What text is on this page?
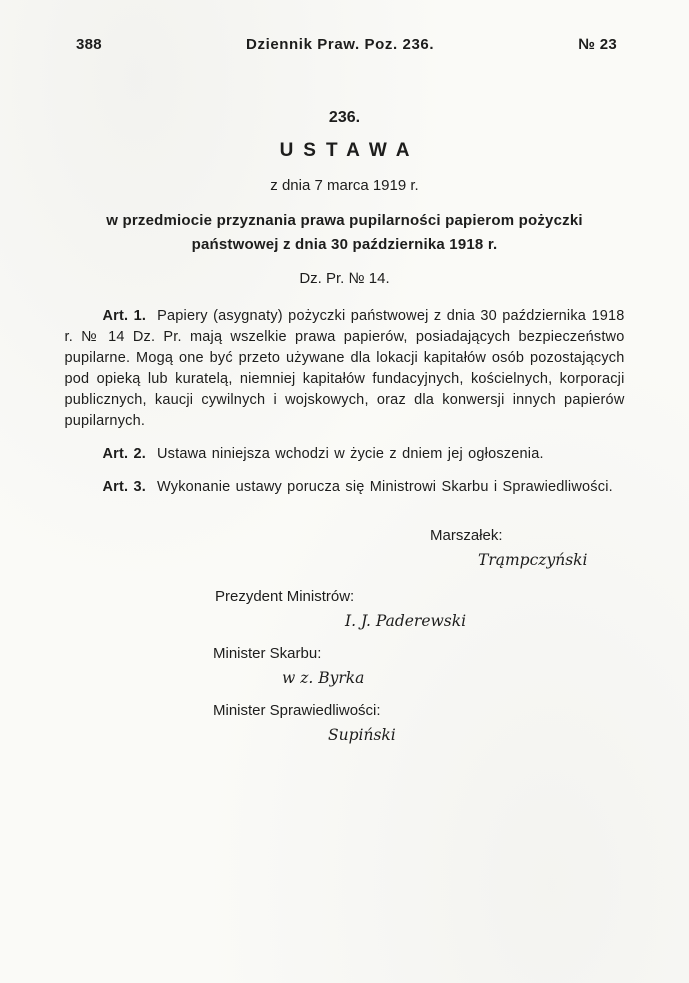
388	Dziennik Praw. Poz. 236.	№ 23
236.
USTAWA
z dnia 7 marca 1919 r.
w przedmiocie przyznania prawa pupilarności papierom pożyczki
państwowej z dnia 30 października 1918 r.
Dz. Pr. № 14.

Art. 1. Papiery (asygnaty) pożyczki państwowej z dnia 30 października 1918 r. № 14 Dz. Pr. mają wszelkie prawa papierów, posiadających bezpieczeństwo pupilarne. Mogą one być przeto używane dla lokacji kapitałów osób pozostających pod opieką lub kuratelą, niemniej kapitałów fundacyjnych, kościelnych, korporacji publicznych, kaucji cywilnych i wojskowych, oraz dla konwersji innych papierów pupilarnych.

Art. 2. Ustawa niniejsza wchodzi w życie z dniem jej ogłoszenia.

Art. 3. Wykonanie ustawy porucza się Ministrowi Skarbu i Sprawiedliwości.

Marszałek:
Trąmpczyński
Prezydent Ministrów:
I. J. Paderewski
Minister Skarbu:
w z. Byrka
Minister Sprawiedliwości:
Supiński
